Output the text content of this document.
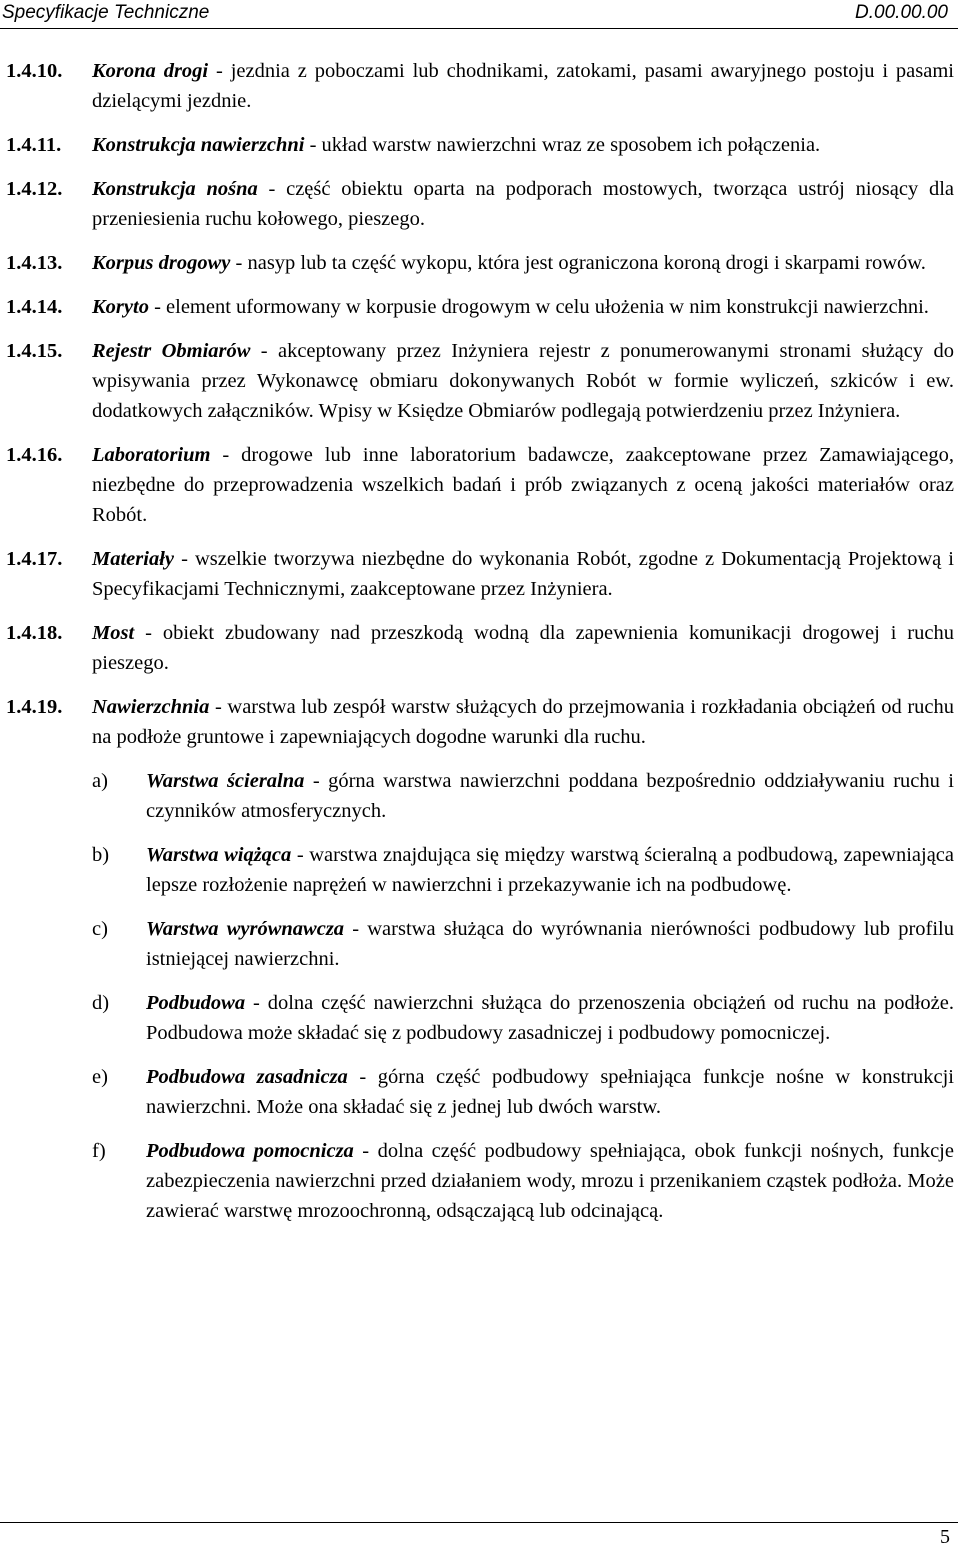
Specyfikacje Techniczne	D.00.00.00
1.4.10.	Korona drogi - jezdnia z poboczami lub chodnikami, zatokami, pasami awaryjnego postoju i pasami dzielącymi jezdnie.
1.4.11.	Konstrukcja nawierzchni - układ warstw nawierzchni wraz ze sposobem ich połączenia.
1.4.12.	Konstrukcja nośna - część obiektu oparta na podporach mostowych, tworząca ustrój niosący dla przeniesienia ruchu kołowego, pieszego.
1.4.13.	Korpus drogowy - nasyp lub ta część wykopu, która jest ograniczona koroną drogi i skarpami rowów.
1.4.14.	Koryto - element uformowany w korpusie drogowym w celu ułożenia w nim konstrukcji nawierzchni.
1.4.15.	Rejestr Obmiarów - akceptowany przez Inżyniera rejestr z ponumerowanymi stronami służący do wpisywania przez Wykonawcę obmiaru dokonywanych Robót w formie wyliczeń, szkiców i ew. dodatkowych załączników. Wpisy w Księdze Obmiarów podlegają potwierdzeniu przez Inżyniera.
1.4.16.	Laboratorium - drogowe lub inne laboratorium badawcze, zaakceptowane przez Zamawiającego, niezbędne do przeprowadzenia wszelkich badań i prób związanych z oceną jakości materiałów oraz Robót.
1.4.17.	Materiały - wszelkie tworzywa niezbędne do wykonania Robót, zgodne z Dokumentacją Projektową i Specyfikacjami Technicznymi, zaakceptowane przez Inżyniera.
1.4.18.	Most - obiekt zbudowany nad przeszkodą wodną dla zapewnienia komunikacji drogowej i ruchu pieszego.
1.4.19.	Nawierzchnia - warstwa lub zespół warstw służących do przejmowania i rozkładania obciążeń od ruchu na podłoże gruntowe i zapewniających dogodne warunki dla ruchu.
a)	Warstwa ścieralna - górna warstwa nawierzchni poddana bezpośrednio oddziaływaniu ruchu i czynników atmosferycznych.
b)	Warstwa wiążąca - warstwa znajdująca się między warstwą ścieralną a podbudową, zapewniająca lepsze rozłożenie naprężeń w nawierzchni i przekazywanie ich na podbudowę.
c)	Warstwa wyrównawcza - warstwa służąca do wyrównania nierówności podbudowy lub profilu istniejącej nawierzchni.
d)	Podbudowa - dolna część nawierzchni służąca do przenoszenia obciążeń od ruchu na podłoże. Podbudowa może składać się z podbudowy zasadniczej i podbudowy pomocniczej.
e)	Podbudowa zasadnicza - górna część podbudowy spełniająca funkcje nośne w konstrukcji nawierzchni. Może ona składać się z jednej lub dwóch warstw.
f)	Podbudowa pomocnicza - dolna część podbudowy spełniająca, obok funkcji nośnych, funkcje zabezpieczenia nawierzchni przed działaniem wody, mrozu i przenikaniem cząstek podłoża. Może zawierać warstwę mrozoochronną, odsączającą lub odcinającą.
5
